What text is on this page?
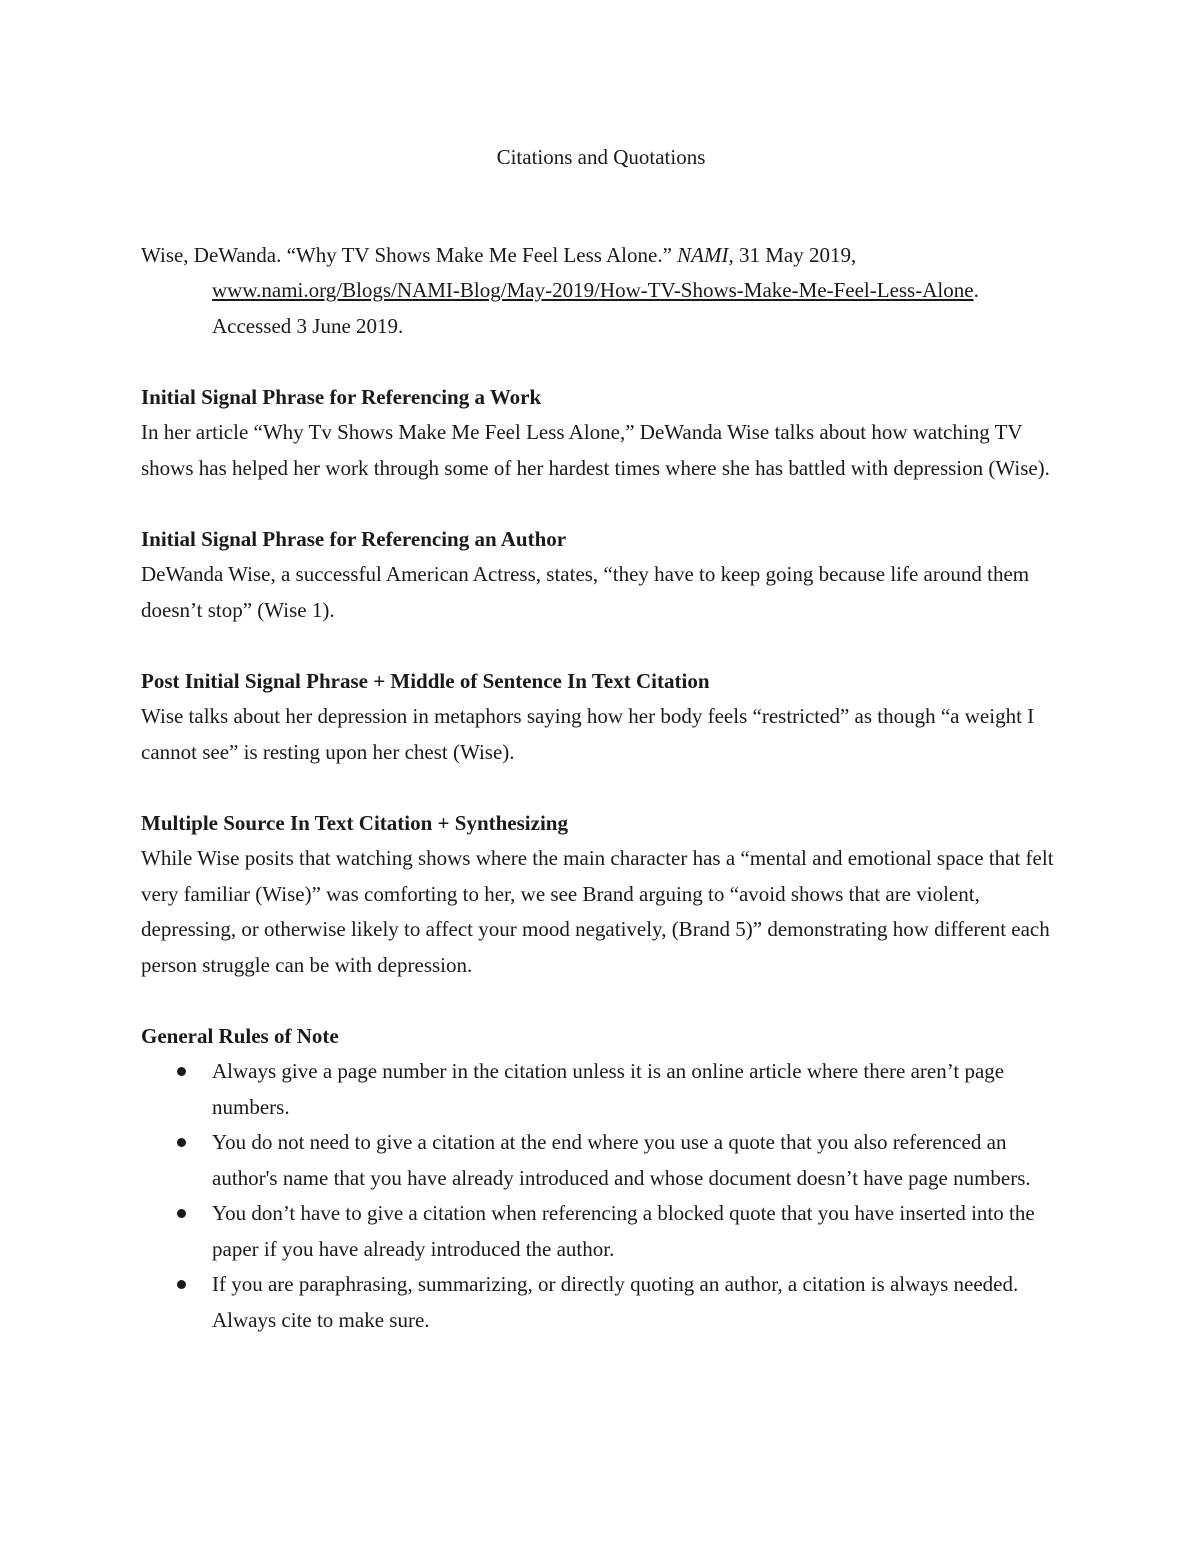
Citations and Quotations

Wise, DeWanda. “Why TV Shows Make Me Feel Less Alone.” NAMI, 31 May 2019,
www.nami.org/Blogs/NAMI-Blog/May-2019/How-TV-Shows-Make-Me-Feel-Less-Alone.
Accessed 3 June 2019.

Initial Signal Phrase for Referencing a Work

In her article “Why Tv Shows Make Me Feel Less Alone,” DeWanda Wise talks about how watching TV shows has helped her work through some of her hardest times where she has battled with depression (Wise).

Initial Signal Phrase for Referencing an Author

DeWanda Wise, a successful American Actress, states, “they have to keep going because life around them doesn’t stop” (Wise 1).

Post Initial Signal Phrase + Middle of Sentence In Text Citation

Wise talks about her depression in metaphors saying how her body feels “restricted” as though “a weight I cannot see” is resting upon her chest (Wise).

Multiple Source In Text Citation + Synthesizing

While Wise posits that watching shows where the main character has a “mental and emotional space that felt very familiar (Wise)” was comforting to her, we see Brand arguing to “avoid shows that are violent, depressing, or otherwise likely to affect your mood negatively, (Brand 5)” demonstrating how different each person struggle can be with depression.

General Rules of Note
Always give a page number in the citation unless it is an online article where there aren’t page numbers.
You do not need to give a citation at the end where you use a quote that you also referenced an author's name that you have already introduced and whose document doesn’t have page numbers.
You don’t have to give a citation when referencing a blocked quote that you have inserted into the paper if you have already introduced the author.
If you are paraphrasing, summarizing, or directly quoting an author, a citation is always needed. Always cite to make sure.
